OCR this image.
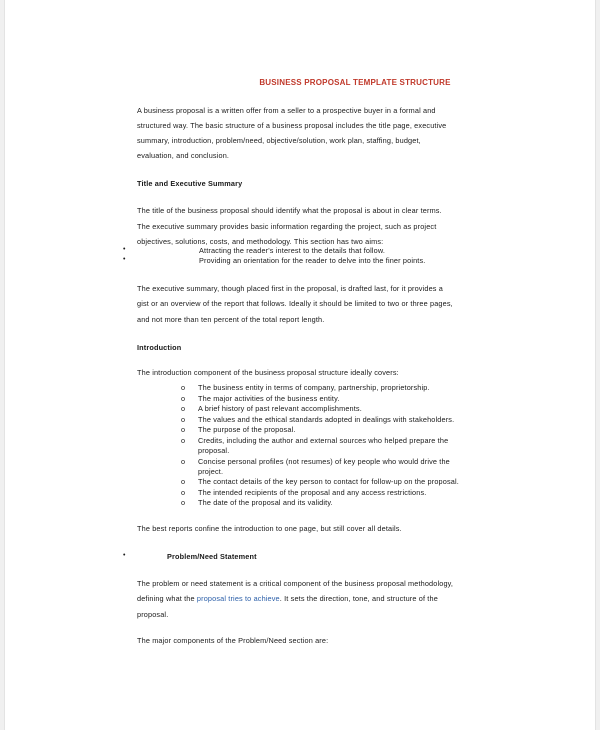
BUSINESS PROPOSAL TEMPLATE STRUCTURE
A business proposal is a written offer from a seller to a prospective buyer in a formal and
structured way. The basic structure of a business proposal includes the title page, executive
summary, introduction, problem/need, objective/solution, work plan, staffing, budget,
evaluation, and conclusion.
Title and Executive Summary
The title of the business proposal should identify what the proposal is about in clear terms.
The executive summary provides basic information regarding the project, such as project
objectives, solutions, costs, and methodology. This section has two aims:
•	Attracting the reader's interest to the details that follow.
•	Providing an orientation for the reader to delve into the finer points.
The executive summary, though placed first in the proposal, is drafted last, for it provides a
gist or an overview of the report that follows. Ideally it should be limited to two or three pages,
and not more than ten percent of the total report length.
Introduction
The introduction component of the business proposal structure ideally covers:
o The business entity in terms of company, partnership, proprietorship.
o The major activities of the business entity.
o A brief history of past relevant accomplishments.
o The values and the ethical standards adopted in dealings with stakeholders.
o The purpose of the proposal.
o Credits, including the author and external sources who helped prepare the
proposal.
o Concise personal profiles (not resumes) of key people who would drive the
project.
o The contact details of the key person to contact for follow-up on the proposal.
o The intended recipients of the proposal and any access restrictions.
o The date of the proposal and its validity.
The best reports confine the introduction to one page, but still cover all details.
•	Problem/Need Statement
The problem or need statement is a critical component of the business proposal methodology,
defining what the proposal tries to achieve. It sets the direction, tone, and structure of the
proposal.
The major components of the Problem/Need section are:
